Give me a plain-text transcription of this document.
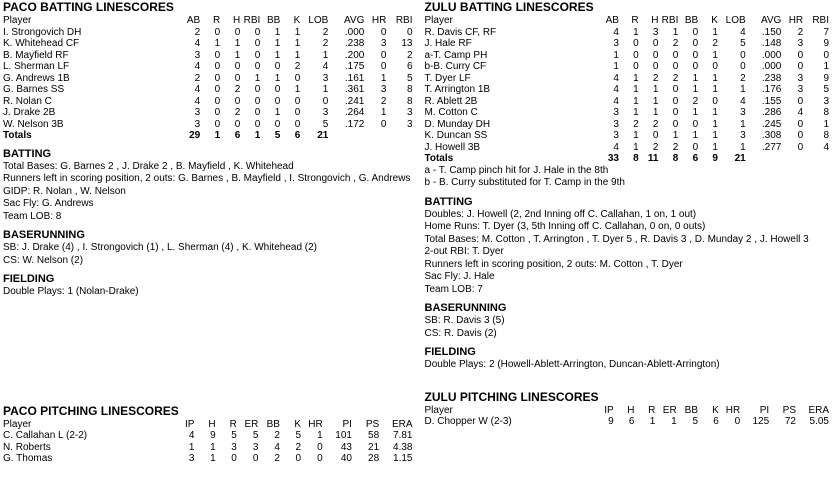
PACO BATTING LINESCORES
Player	AB	R	H	RBI	BB	K	LOB	AVG	HR	RBI
I. Strongovich DH	2	0	0	0	1	1	2	.000	0	0
K. Whitehead CF	4	1	1	0	1	1	2	.238	3	13
B. Mayfield RF	3	0	1	0	1	1	1	.200	0	2
L. Sherman LF	4	0	0	0	0	2	4	.175	0	6
G. Andrews 1B	2	0	0	1	1	0	3	.161	1	5
G. Barnes SS	4	0	2	0	0	1	1	.361	3	8
R. Nolan C	4	0	0	0	0	0	0	.241	2	8
J. Drake 2B	3	0	2	0	1	0	3	.264	1	3
W. Nelson 3B	3	0	0	0	0	0	5	.172	0	3
Totals	29	1	6	1	5	6	21			
BATTING
Total Bases: G. Barnes 2 , J. Drake 2 , B. Mayfield , K. Whitehead
Runners left in scoring position, 2 outs: G. Barnes , B. Mayfield , I. Strongovich , G. Andrews
GIDP: R. Nolan , W. Nelson
Sac Fly: G. Andrews
Team LOB: 8
BASERUNNING
SB: J. Drake (4) , I. Strongovich (1) , L. Sherman (4) , K. Whitehead (2)
CS: W. Nelson (2)
FIELDING
Double Plays: 1 (Nolan-Drake)
PACO PITCHING LINESCORES
Player	IP	H	R	ER	BB	K	HR	PI	PS	ERA
C. Callahan L (2-2)	4	9	5	5	2	5	1	101	58	7.81
N. Roberts	1	1	3	3	4	2	0	43	21	4.38
G. Thomas	3	1	0	0	2	0	0	40	28	1.15
ZULU BATTING LINESCORES
Player	AB	R	H	RBI	BB	K	LOB	AVG	HR	RBI
R. Davis CF, RF	4	1	3	1	0	1	4	.150	2	7
J. Hale RF	3	0	0	2	0	2	5	.148	3	9
a-T. Camp PH	1	0	0	0	0	1	0	.000	0	0
b-B. Curry CF	1	0	0	0	0	0	0	.000	0	1
T. Dyer LF	4	1	2	2	1	1	2	.238	3	9
T. Arrington 1B	4	1	1	0	1	1	1	.176	3	5
R. Ablett 2B	4	1	1	0	2	0	4	.155	0	3
M. Cotton C	3	1	1	0	1	1	3	.286	4	8
D. Munday DH	3	2	2	0	0	1	1	.245	0	1
K. Duncan SS	3	1	0	1	1	1	3	.308	0	8
J. Howell 3B	4	1	2	2	0	1	1	.277	0	4
Totals	33	8	11	8	6	9	21			
a - T. Camp pinch hit for J. Hale in the 8th
b - B. Curry substituted for T. Camp in the 9th
BATTING
Doubles: J. Howell (2, 2nd Inning off C. Callahan, 1 on, 1 out)
Home Runs: T. Dyer (3, 5th Inning off C. Callahan, 0 on, 0 outs)
Total Bases: M. Cotton , T. Arrington , T. Dyer 5 , R. Davis 3 , D. Munday 2 , J. Howell 3
2-out RBI: T. Dyer
Runners left in scoring position, 2 outs: M. Cotton , T. Dyer
Sac Fly: J. Hale
Team LOB: 7
BASERUNNING
SB: R. Davis 3 (5)
CS: R. Davis (2)
FIELDING
Double Plays: 2 (Howell-Ablett-Arrington, Duncan-Ablett-Arrington)
ZULU PITCHING LINESCORES
Player	IP	H	R	ER	BB	K	HR	PI	PS	ERA
D. Chopper W (2-3)	9	6	1	1	5	6	0	125	72	5.05
